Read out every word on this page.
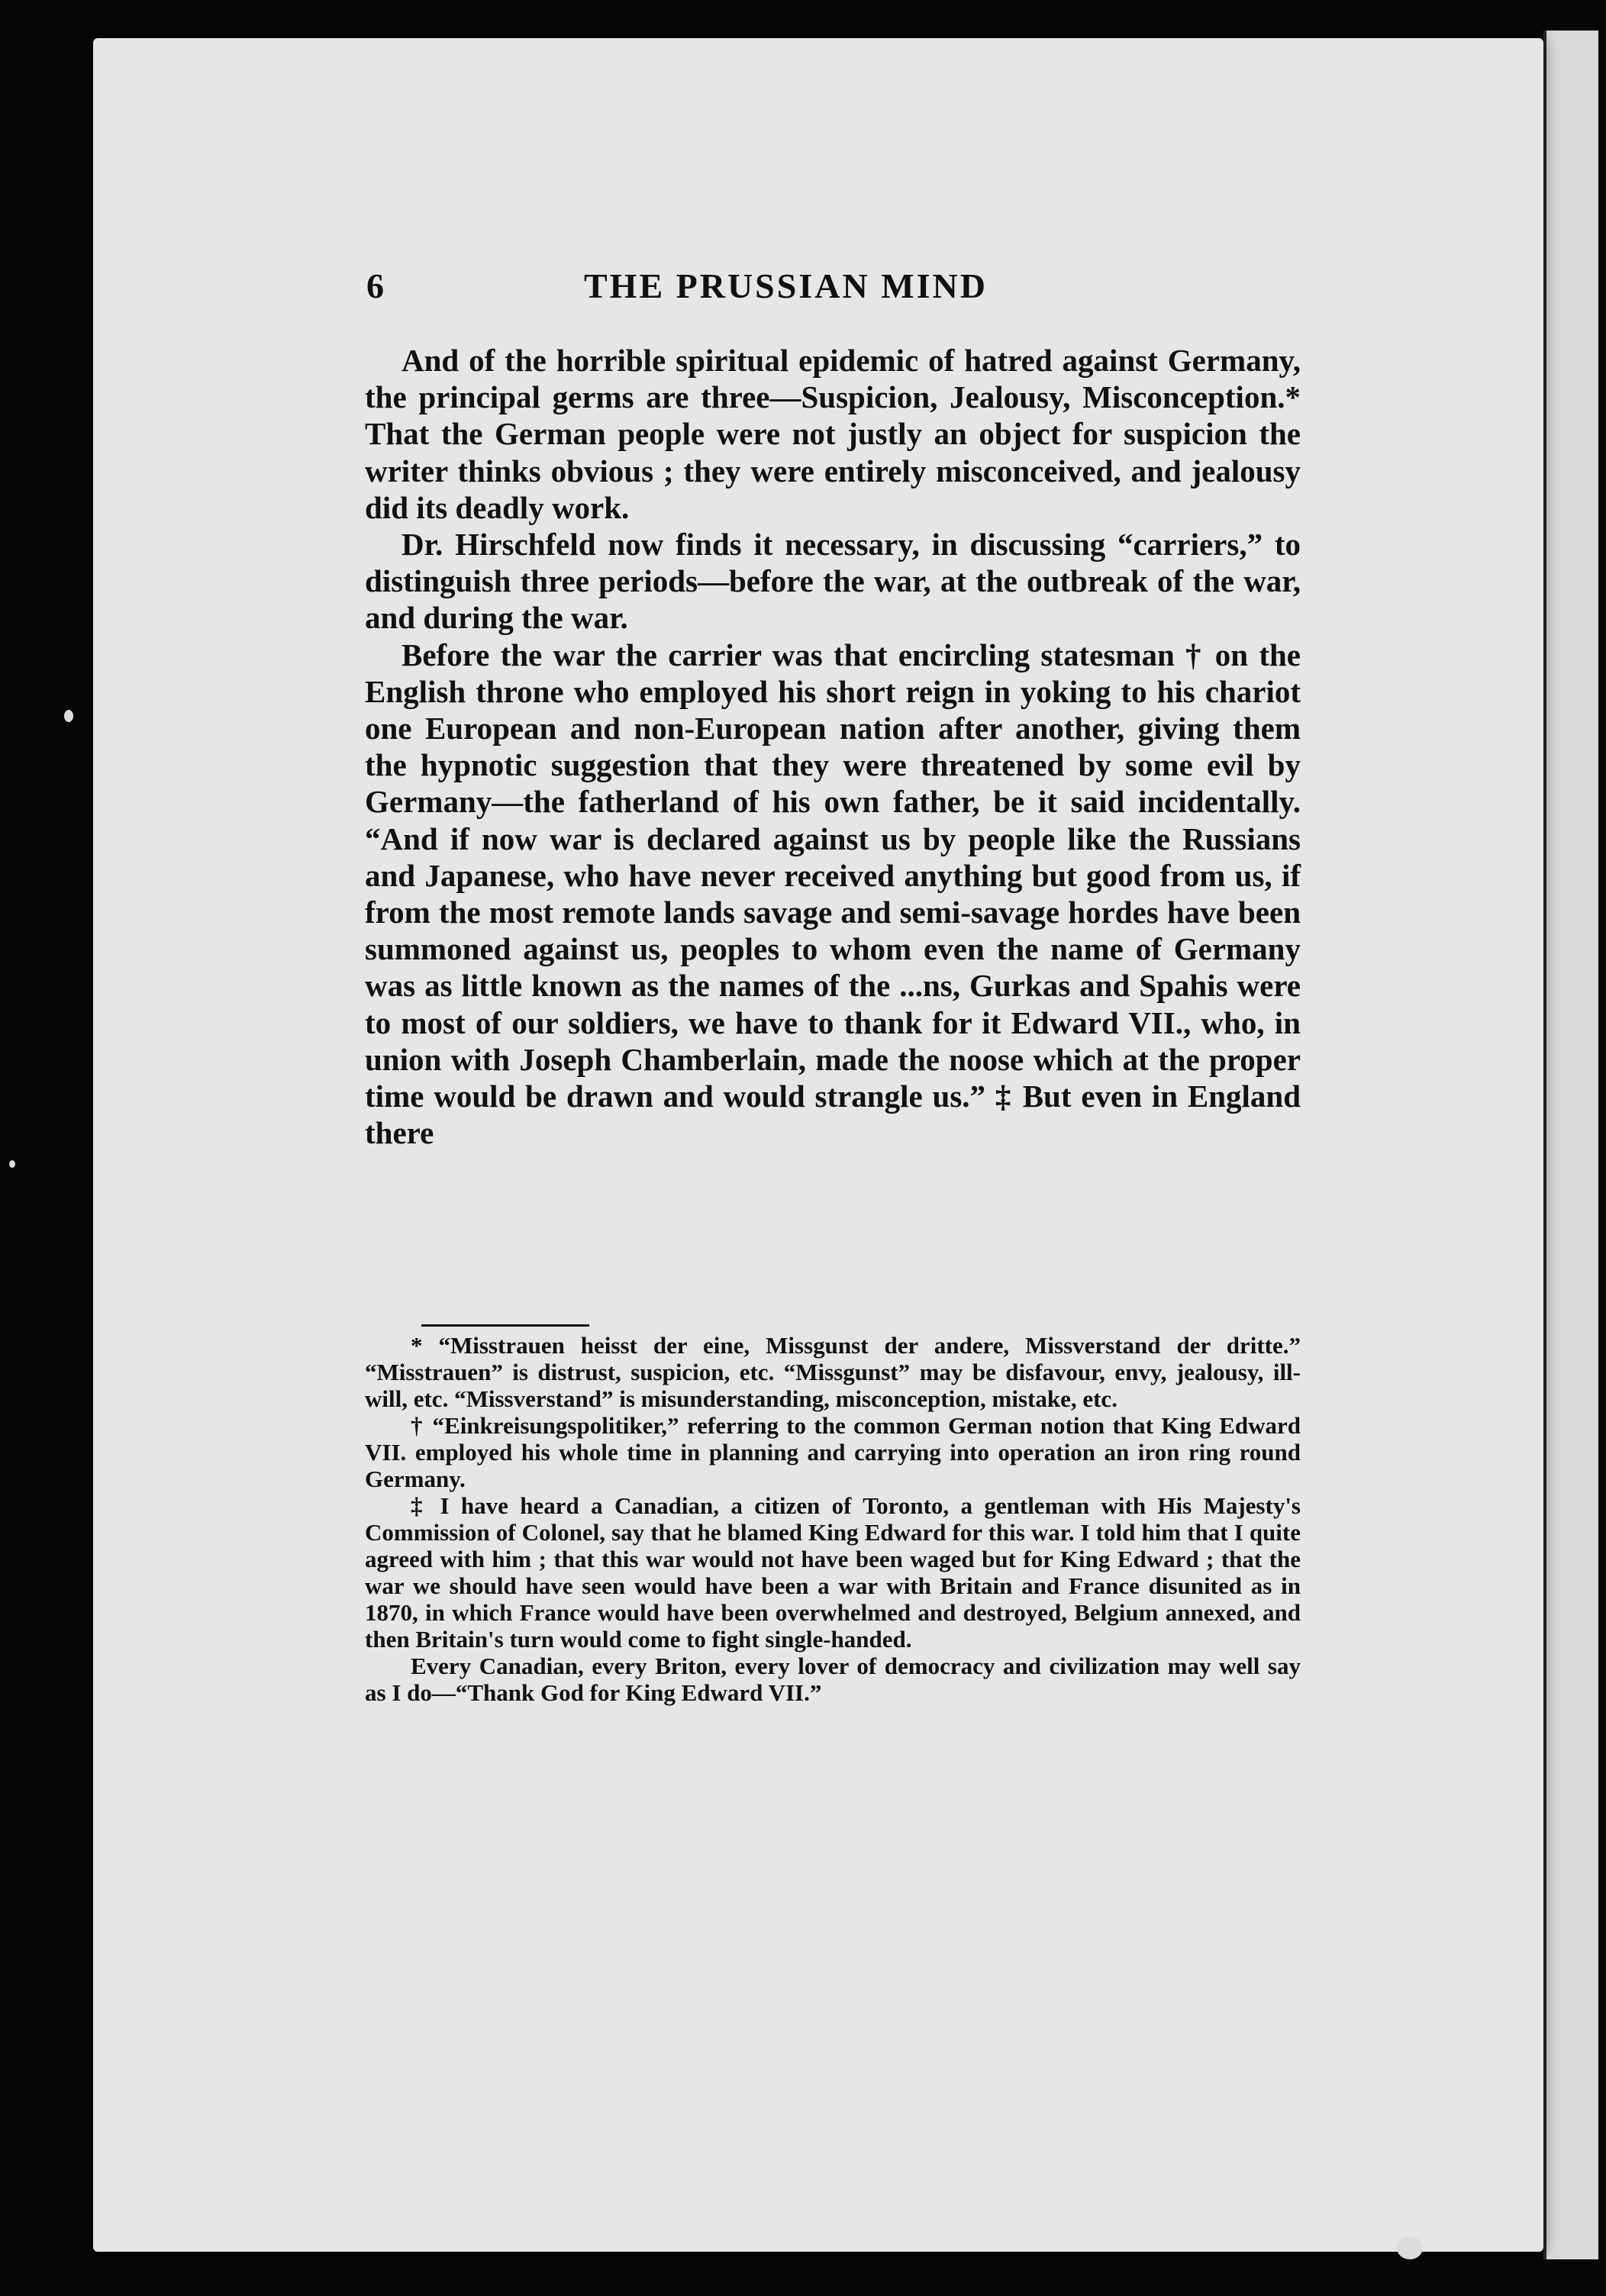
6	THE PRUSSIAN MIND

And of the horrible spiritual epidemic of hatred against Germany, the principal germs are three—Suspicion, Jealousy, Misconception.* That the German people were not justly an object for suspicion the writer thinks obvious ; they were entirely misconceived, and jealousy did its deadly work.

Dr. Hirschfeld now finds it necessary, in discussing “carriers,” to distinguish three periods—before the war, at the outbreak of the war, and during the war.

Before the war the carrier was that encircling statesman † on the English throne who employed his short reign in yoking to his chariot one European and non-European nation after another, giving them the hypnotic suggestion that they were threatened by some evil by Germany—the fatherland of his own father, be it said incidentally. “And if now war is declared against us by people like the Russians and Japanese, who have never received anything but good from us, if from the most remote lands savage and semi-savage hordes have been summoned against us, peoples to whom even the name of Germany was as little known as the names of the ...ns, Gurkas and Spahis were to most of our soldiers, we have to thank for it Edward VII., who, in union with Joseph Chamberlain, made the noose which at the proper time would be drawn and would strangle us.” ‡ But even in England there

* “Misstrauen heisst der eine, Missgunst der andere, Missverstand der dritte.” “Misstrauen” is distrust, suspicion, etc. “Missgunst” may be disfavour, envy, jealousy, ill-will, etc. “Missverstand” is misunderstanding, misconception, mistake, etc.

† “Einkreisungspolitiker,” referring to the common German notion that King Edward VII. employed his whole time in planning and carrying into operation an iron ring round Germany.

‡ I have heard a Canadian, a citizen of Toronto, a gentleman with His Majesty's Commission of Colonel, say that he blamed King Edward for this war. I told him that I quite agreed with him ; that this war would not have been waged but for King Edward ; that the war we should have seen would have been a war with Britain and France disunited as in 1870, in which France would have been overwhelmed and destroyed, Belgium annexed, and then Britain's turn would come to fight single-handed.

Every Canadian, every Briton, every lover of democracy and civilization may well say as I do—“Thank God for King Edward VII.”
